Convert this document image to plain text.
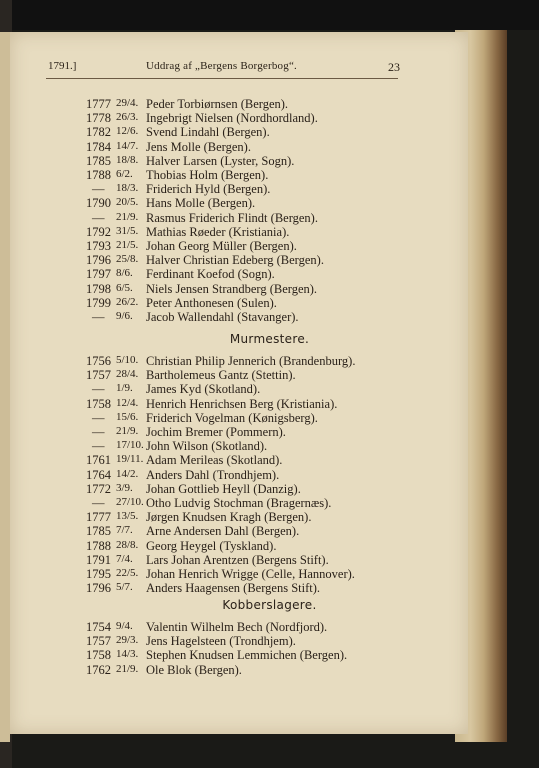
1791.]	Uddrag af „Bergens Borgerbog“.	23
1777 29/4. Peder Torbiørnsen (Bergen).
1778 26/3. Ingebrigt Nielsen (Nordhordland).
1782 12/6. Svend Lindahl (Bergen).
1784 14/7. Jens Molle (Bergen).
1785 18/8. Halver Larsen (Lyster, Sogn).
1788 6/2.	Thobias Holm (Bergen).
—	18/3. Friderich Hyld (Bergen).
1790 20/5. Hans Molle (Bergen).
—	21/9. Rasmus Friderich Flindt (Bergen).
1792 31/5. Mathias Røeder (Kristiania).
1793 21/5. Johan Georg Müller (Bergen).
1796 25/8. Halver Christian Edeberg (Bergen).
1797 8/6.	Ferdinant Koefod (Sogn).
1798 6/5.	Niels Jensen Strandberg (Bergen).
1799 26/2. Peter Anthonesen (Sulen).
—	9/6.	Jacob Wallendahl (Stavanger).
Murmestere.
1756 5/10. Christian Philip Jennerich (Brandenburg).
1757 28/4. Bartholemeus Gantz (Stettin).
—	1/9.	James Kyd (Skotland).
1758 12/4. Henrich Henrichsen Berg (Kristiania).
—	15/6. Friderich Vogelman (Kønigsberg).
—	21/9. Jochim Bremer (Pommern).
—	17/10. John Wilson (Skotland).
1761 19/11. Adam Merileas (Skotland).
1764 14/2. Anders Dahl (Trondhjem).
1772 3/9.	Johan Gottlieb Heyll (Danzig).
—	27/10. Otho Ludvig Stochman (Bragernæs).
1777 13/5. Jørgen Knudsen Kragh (Bergen).
1785 7/7.	Arne Andersen Dahl (Bergen).
1788 28/8. Georg Heygel (Tyskland).
1791 7/4.	Lars Johan Arentzen (Bergens Stift).
1795 22/5. Johan Henrich Wrigge (Celle, Hannover).
1796 5/7.	Anders Haagensen (Bergens Stift).
Kobberslagere.
1754 9/4.	Valentin Wilhelm Bech (Nordfjord).
1757 29/3. Jens Hagelsteen (Trondhjem).
1758 14/3. Stephen Knudsen Lemmichen (Bergen).
1762 21/9. Ole Blok (Bergen).
